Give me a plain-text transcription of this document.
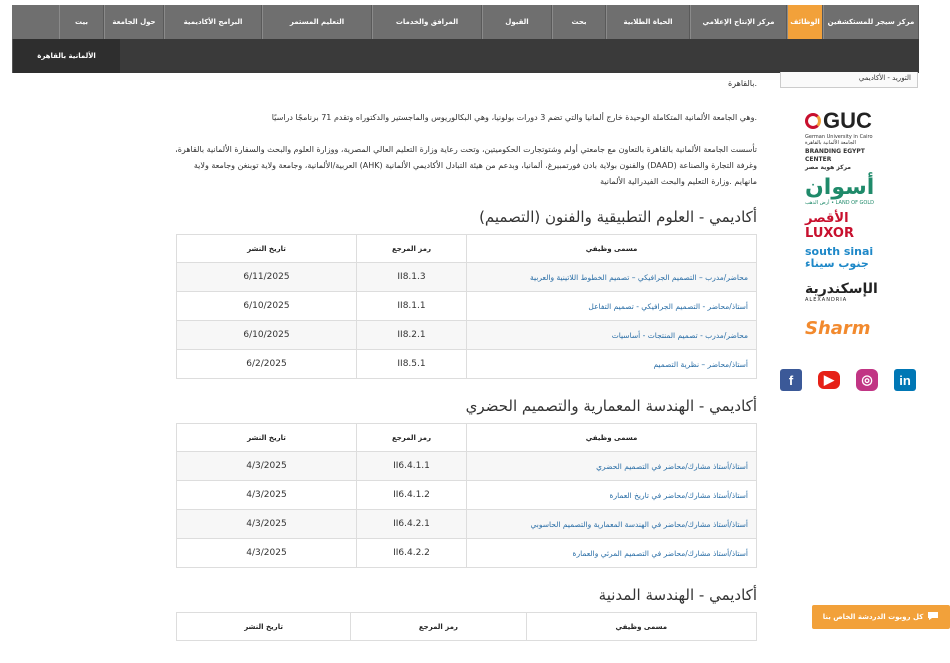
مركز سيجر للمستكشفين
الوظائف
مركز الإنتاج الإعلامي
الحياة الطلابية
بحث
القبول
المرافق والخدمات
التعليم المستمر
البرامج الأكاديمية
حول الجامعة
بيت
الألمانية بالقاهرة
التوريد - الأكاديمي

.بالقاهرة

.وهي الجامعة الألمانية المتكاملة الوحيدة خارج ألمانيا والتي تضم 3 دورات بولونيا، وهي البكالوريوس والماجستير والدكتوراه وتقدم 71 برنامجًا دراسيًا

تأسست الجامعة الألمانية بالقاهرة بالتعاون مع جامعتي أولم وشتوتجارت الحكوميتين، وتحت رعاية وزارة التعليم العالي المصرية، ووزارة العلوم والبحث والسفارة الألمانية بالقاهرة، وغرفة التجارة والصناعة (DAAD) والفنون بولاية بادن فورتمبيرغ، ألمانيا، وبدعم من هيئة التبادل الأكاديمي الألمانية (AHK) العربية/الألمانية، وجامعة ولاية توبنغن وجامعة ولاية مانهايم .وزارة التعليم والبحث الفيدرالية الألمانية

أكاديمي - العلوم التطبيقية والفنون (التصميم)
مسمى وظيفي	رمز المرجع	تاريخ النشر
محاضر/مدرب – التصميم الجرافيكي – تصميم الخطوط اللاتينية والعربية	II8.1.3	6/11/2025
أستاذ/محاضر - التصميم الجرافيكي - تصميم التفاعل	II8.1.1	6/10/2025
محاضر/مدرب - تصميم المنتجات - أساسيات	II8.2.1	6/10/2025
أستاذ/محاضر – نظرية التصميم	II8.5.1	6/2/2025
أكاديمي - الهندسة المعمارية والتصميم الحضري
مسمى وظيفي	رمز المرجع	تاريخ النشر
أستاذ/أستاذ مشارك/محاضر في التصميم الحضري	II6.4.1.1	4/3/2025
أستاذ/أستاذ مشارك/محاضر في تاريخ العمارة	II6.4.1.2	4/3/2025
أستاذ/أستاذ مشارك/محاضر في الهندسة المعمارية والتصميم الحاسوبي	II6.4.2.1	4/3/2025
أستاذ/أستاذ مشارك/محاضر في التصميم المرئي والعمارة	II6.4.2.2	4/3/2025
أكاديمي - الهندسة المدنية
مسمى وظيفي	رمز المرجع	تاريخ النشر
GUC
German University in Cairo
الجامعة الألمانية بالقاهرة
BRANDING EGYPT CENTER
مركز هوية مصر
أسوان
أرض الذهب • LAND OF GOLD
الأقصر LUXOR
south sinai
جنوب سيناء
الإسكندرية
ALEXANDRIA
Sharm
f	▶	◎	in
كل روبوت الدردشة الخاص بنا
